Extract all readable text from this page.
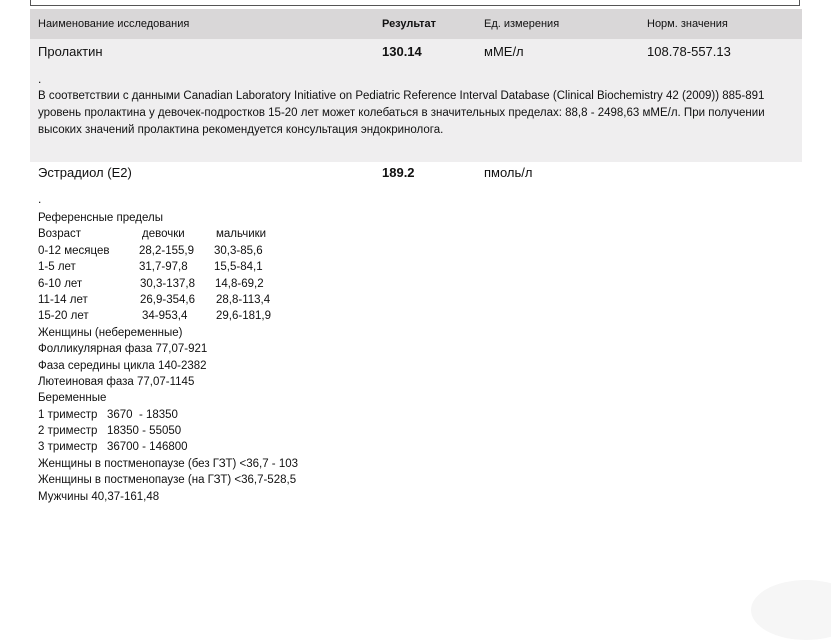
Наименование исследования	Результат	Ед. измерения	Норм. значения
Пролактин	130.14	мМЕ/л	108.78-557.13
.
В соответствии с данными Canadian Laboratory Initiative on Pediatric Reference Interval Database (Clinical Biochemistry 42 (2009)) 885-891 уровень пролактина у девочек-подростков 15-20 лет может колебаться в значительных пределах: 88,8 - 2498,63 мМЕ/л. При получении высоких значений пролактина рекомендуется консультация эндокринолога.
Эстрадиол (Е2)	189.2	пмоль/л
.
Референсные пределы
Возраст	девочки	мальчики
0-12 месяцев	28,2-155,9 30,3-85,6
1-5 лет	31,7-97,8 15,5-84,1
6-10 лет	30,3-137,8 14,8-69,2
11-14 лет	26,9-354,6 28,8-113,4
15-20 лет	34-953,4 29,6-181,9
Женщины (небеременные)
Фолликулярная фаза 77,07-921
Фаза середины цикла 140-2382
Лютеиновая фаза 77,07-1145
Беременные
1 триместр   3670  - 18350
2 триместр   18350 - 55050
3 триместр   36700 - 146800
Женщины в постменопаузе (без ГЗТ) <36,7 - 103
Женщины в постменопаузе (на ГЗТ) <36,7-528,5
Мужчины 40,37-161,48
